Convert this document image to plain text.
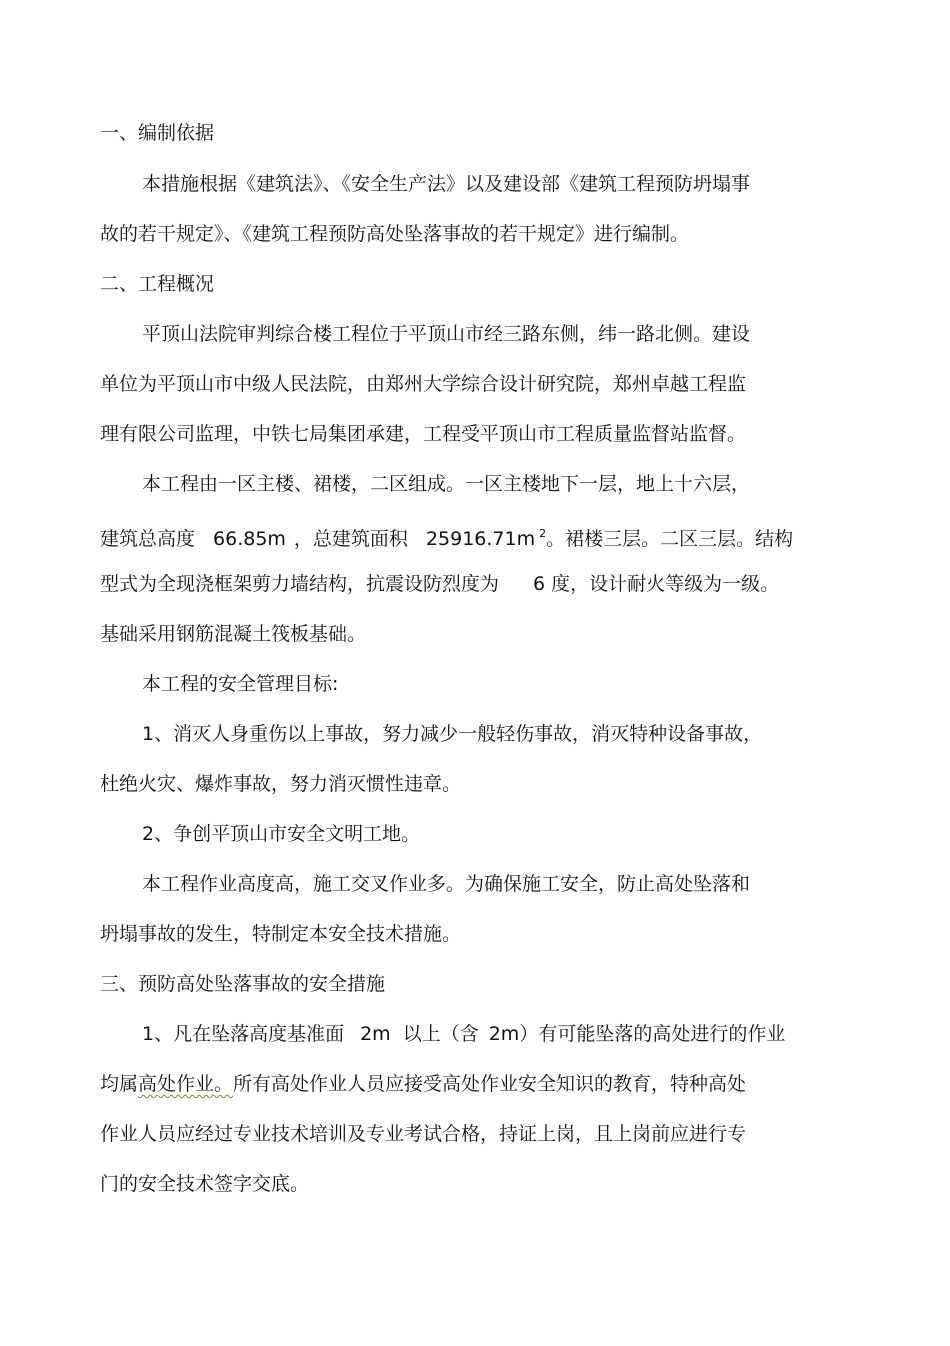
一、编制依据
本措施根据《建筑法》、《安全生产法》以及建设部《建筑工程预防坍塌事
故的若干规定》、《建筑工程预防高处坠落事故的若干规定》进行编制。
二、工程概况
平顶山法院审判综合楼工程位于平顶山市经三路东侧，纬一路北侧。建设
单位为平顶山市中级人民法院，由郑州大学综合设计研究院，郑州卓越工程监
理有限公司监理，中铁七局集团承建，工程受平顶山市工程质量监督站监督。
本工程由一区主楼、裙楼，二区组成。一区主楼地下一层，地上十六层，
建筑总高度 66.85m ，总建筑面积 25916.71m $^2$。裙楼三层。二区三层。结构
型式为全现浇框架剪力墙结构，抗震设防烈度为 6 度，设计耐火等级为一级。
基础采用钢筋混凝土筏板基础。
本工程的安全管理目标:
1、消灭人身重伤以上事故，努力减少一般轻伤事故，消灭特种设备事故，
杜绝火灾、爆炸事故，努力消灭惯性违章。
2、争创平顶山市安全文明工地。
本工程作业高度高，施工交叉作业多。为确保施工安全，防止高处坠落和
坍塌事故的发生，特制定本安全技术措施。
三、预防高处坠落事故的安全措施
1、凡在坠落高度基准面 2m 以上（含 2m）有可能坠落的高处进行的作业
均属高处作业。所有高处作业人员应接受高处作业安全知识的教育，特种高处
作业人员应经过专业技术培训及专业考试合格，持证上岗，且上岗前应进行专
门的安全技术签字交底。
